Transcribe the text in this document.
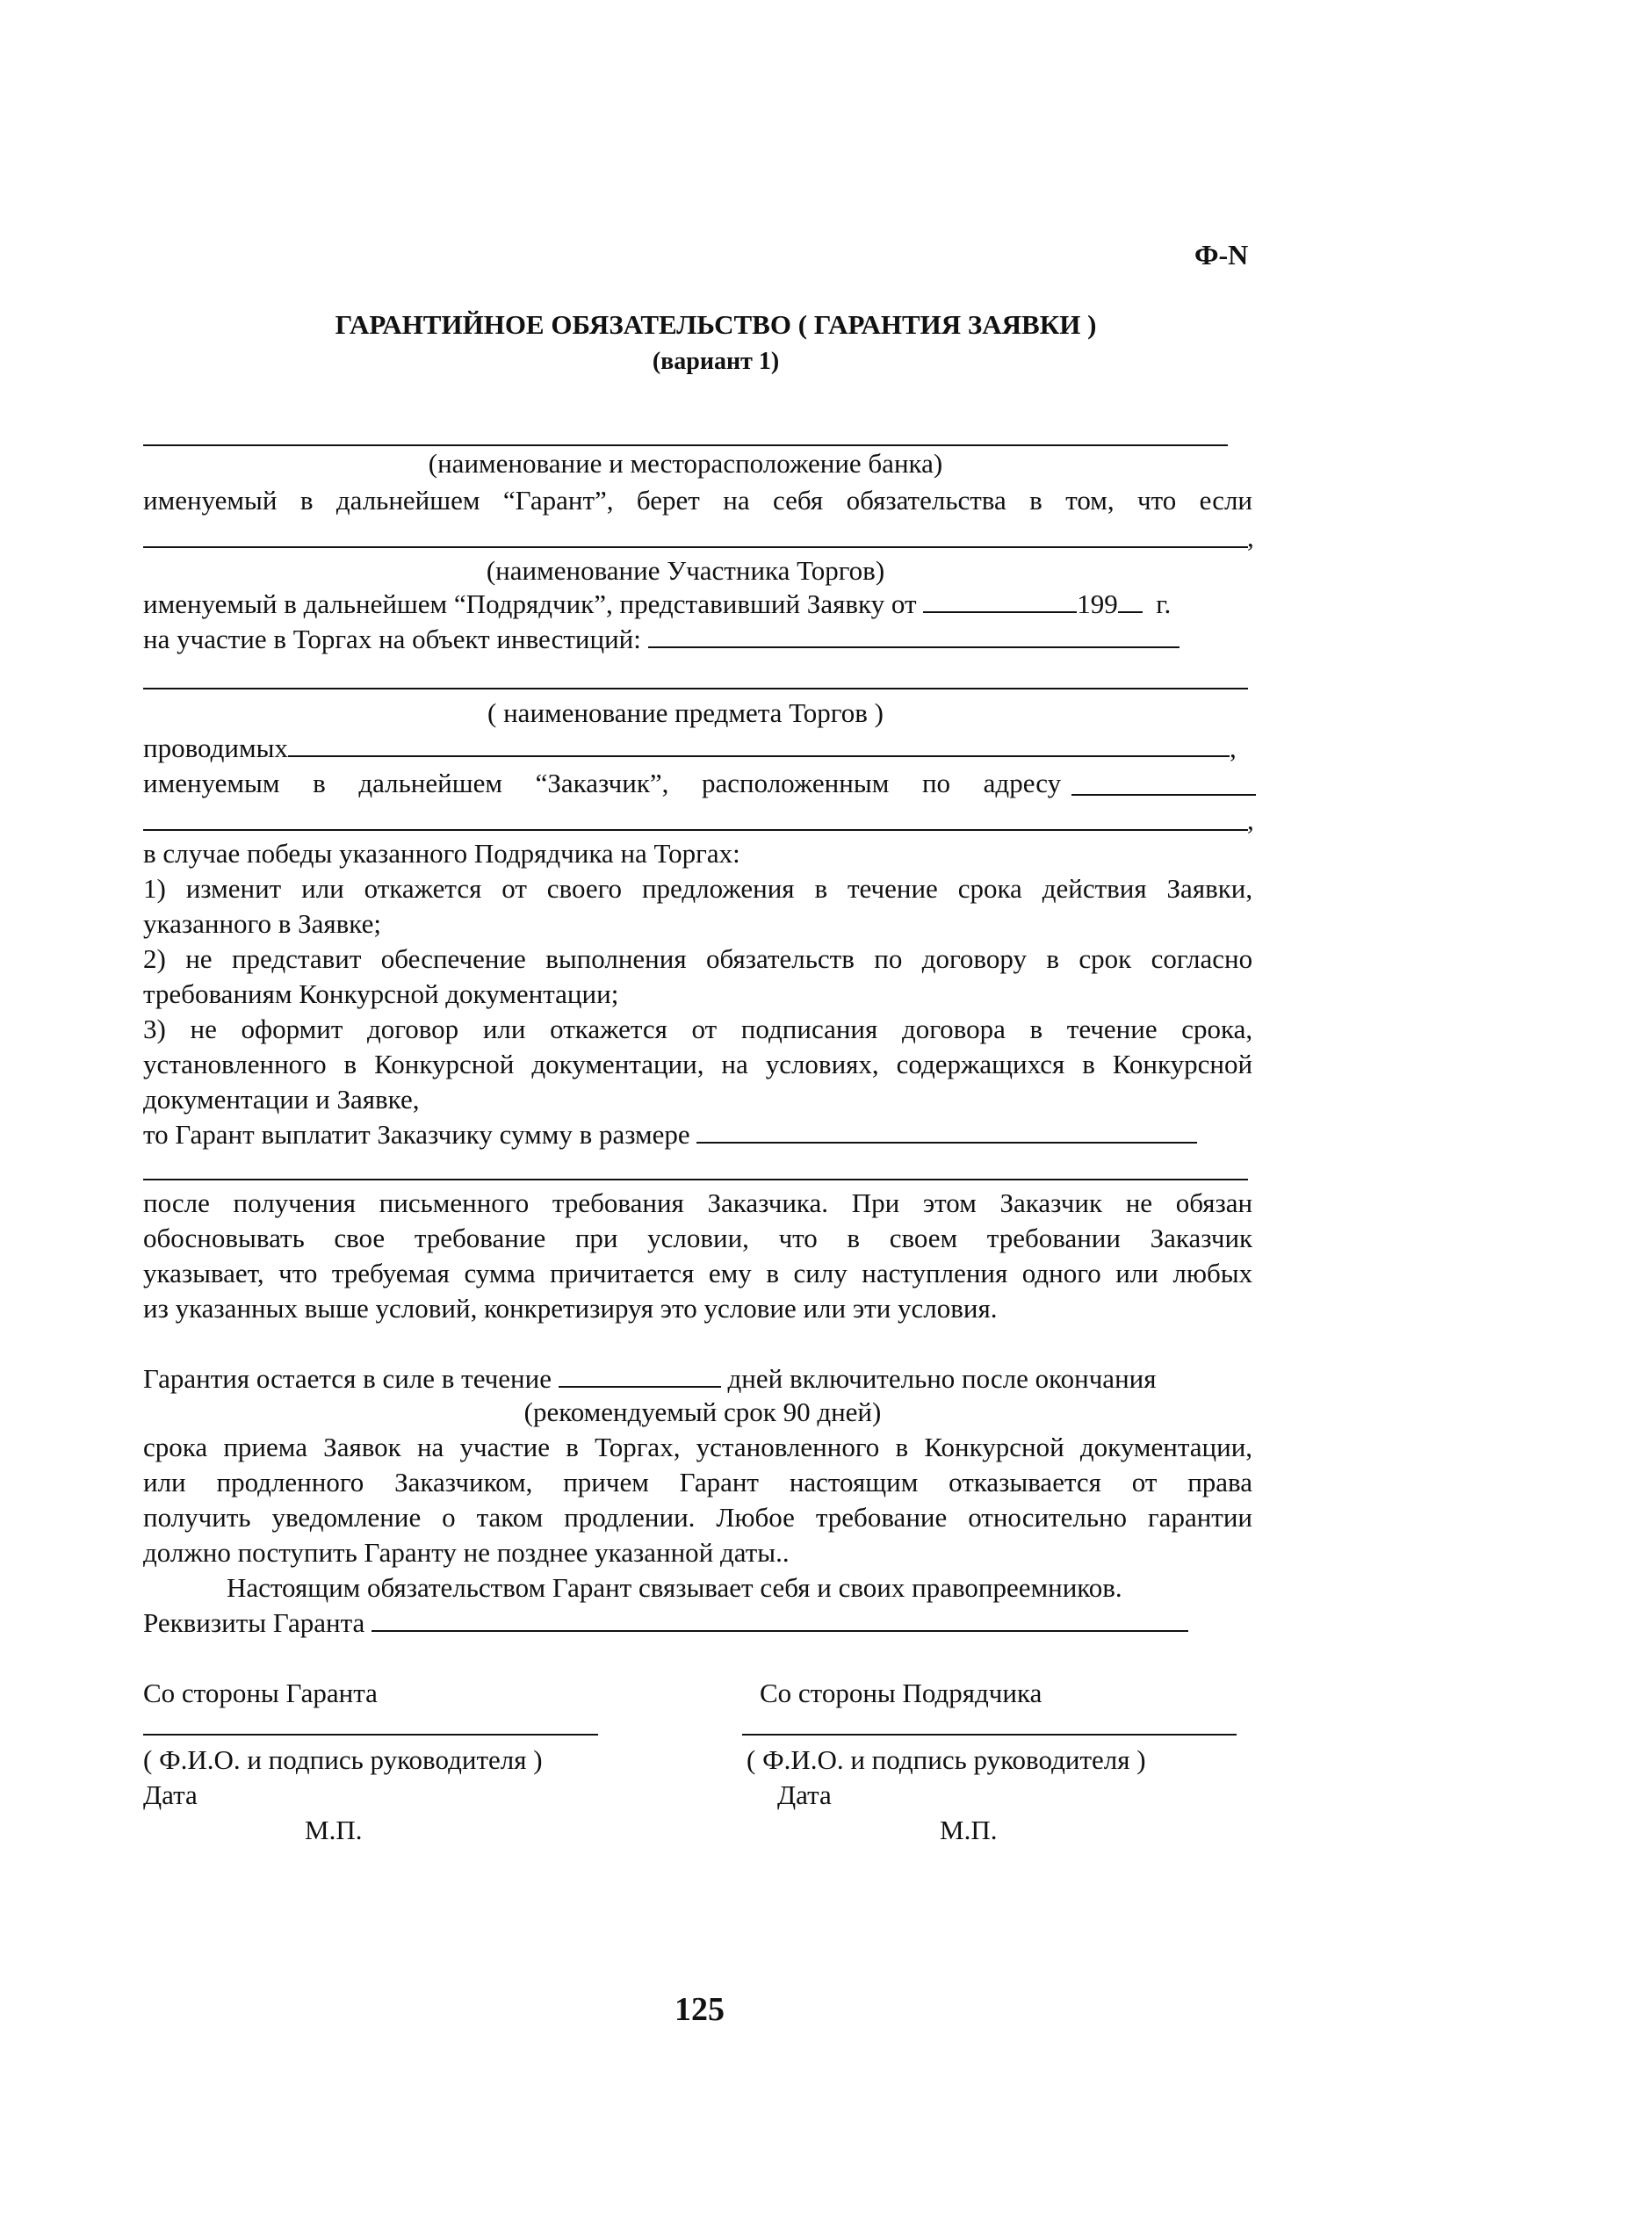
Ф-N
ГАРАНТИЙНОЕ ОБЯЗАТЕЛЬСТВО ( ГАРАНТИЯ ЗАЯВКИ )
(вариант 1)
(наименование и месторасположение банка)
именуемый в дальнейшем “Гарант”, берет на себя обязательства в том, что если
,
(наименование Участника Торгов)
именуемый в дальнейшем “Подрядчик”, представивший Заявку от	199 г.
на участие в Торгах на объект инвестиций:
( наименование предмета Торгов )
проводимых	,
именуемым в дальнейшем “Заказчик”, расположенным по адресу
,
в случае победы указанного Подрядчика на Торгах:
1) изменит или откажется от своего предложения в течение срока действия Заявки,
указанного в Заявке;
2) не представит обеспечение выполнения обязательств по договору в срок согласно
требованиям Конкурсной документации;
3) не оформит договор или откажется от подписания договора в течение срока,
установленного в Конкурсной документации, на условиях, содержащихся в Конкурсной
документации и Заявке,
то Гарант выплатит Заказчику сумму в размере
после получения письменного требования Заказчика. При этом Заказчик не обязан
обосновывать свое требование при условии, что в своем требовании Заказчик
указывает, что требуемая сумма причитается ему в силу наступления одного или любых
из указанных выше условий, конкретизируя это условие или эти условия.
Гарантия остается в силе в течение	дней включительно после окончания
(рекомендуемый срок 90 дней)
срока приема Заявок на участие в Торгах, установленного в Конкурсной документации,
или продленного Заказчиком, причем Гарант настоящим отказывается от права
получить уведомление о таком продлении. Любое требование относительно гарантии
должно поступить Гаранту не позднее указанной даты..
Настоящим обязательством Гарант связывает себя и своих правопреемников.
Реквизиты Гаранта
Со стороны Гаранта	Со стороны Подрядчика
( Ф.И.О. и подпись руководителя )	( Ф.И.О. и подпись руководителя )
Дата	Дата
М.П.	М.П.
125
